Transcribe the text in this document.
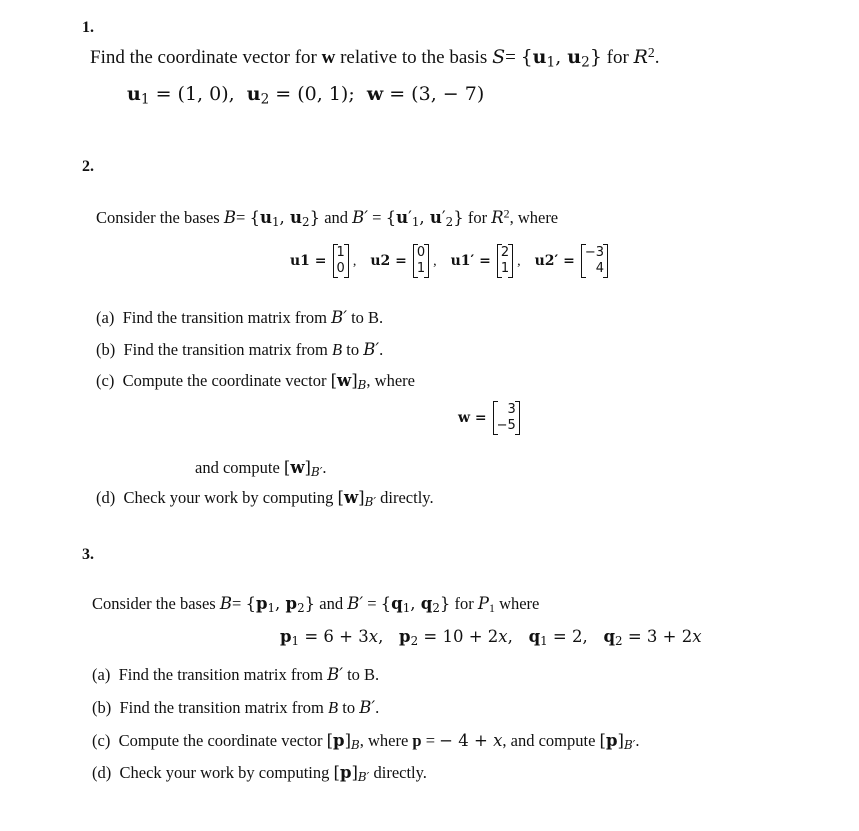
1.
Find the coordinate vector for w relative to the basis $S= \{u_1$, $u_2$} for $R^2$.
$u_1 = (1$, 0),  $u_2 = (0$, 1);  w = (3, − 7)
2.
Consider the bases $B= \{u_1$, $u_2$} and $B' = \{u'_1$, $u'_2$} for $R^2$, where
u1 =
1
0 , u2 =
0
1 , u1′ =
2
1 , u2′ =
−3
4
(a)  Find the transition matrix from B′ to B.
(b)  Find the transition matrix from B to B′.
(c)  Compute the coordinate vector $[w]_B$, where
w =
3
−5
and compute $[w]_{B'}$.
(d)  Check your work by computing $[w]_{B'}$ directly.
3.
Consider the bases $B= \{p_1$, $p_2$} and $B' = \{q_1$, $q_2$} for $P_1$ where
$p_1 = 6 + 3x$,   $p_2 = 10 + 2x$,   $q_1 = 2$,   $q_2 = 3 + 2x$
(a)  Find the transition matrix from B′ to B.
(b)  Find the transition matrix from B to B′.
(c)  Compute the coordinate vector $[p]_B$, where p = − 4 + x, and compute $[p]_{B'}$.
(d)  Check your work by computing $[p]_{B'}$ directly.
